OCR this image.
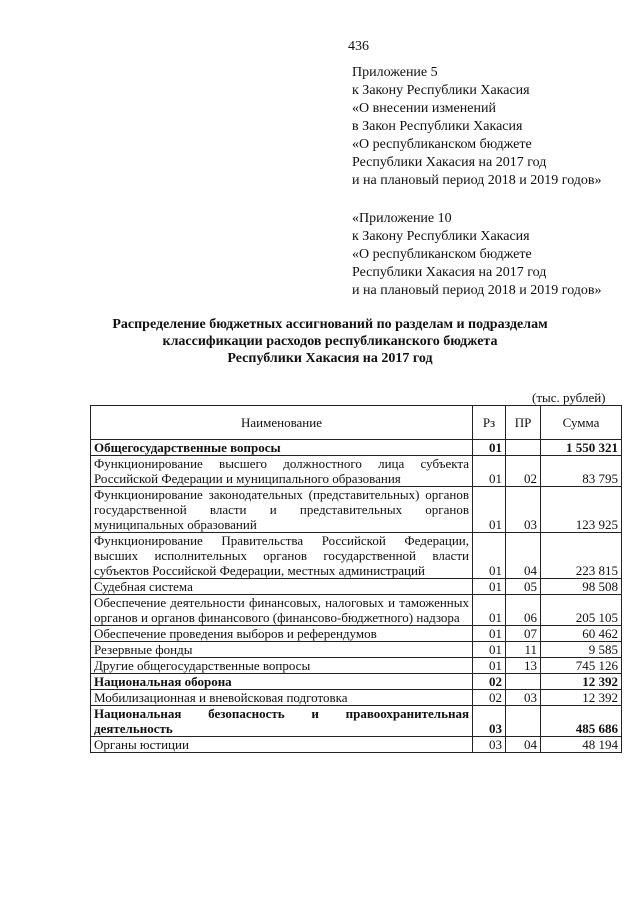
436
Приложение 5
к Закону Республики Хакасия
«О внесении изменений
в Закон Республики Хакасия
«О республиканском бюджете
Республики Хакасия на 2017 год
и на плановый период 2018 и 2019 годов»
«Приложение 10
к Закону Республики Хакасия
«О республиканском бюджете
Республики Хакасия на 2017 год
и на плановый период 2018 и 2019 годов»
Распределение бюджетных ассигнований по разделам и подразделам
классификации расходов республиканского бюджета
Республики Хакасия на 2017 год
(тыс. рублей)
Наименование	Рз	ПР	Сумма
Общегосударственные вопросы	01		1 550 321
Функционирование высшего должностного лица субъекта Российской Федерации и муниципального образования	01	02	83 795
Функционирование законодательных (представительных) органов государственной власти и представительных органов муниципальных образований	01	03	123 925
Функционирование Правительства Российской Федерации, высших исполнительных органов государственной власти субъектов Российской Федерации, местных администраций	01	04	223 815
Судебная система	01	05	98 508
Обеспечение деятельности финансовых, налоговых и таможенных органов и органов финансового (финансово-бюджетного) надзора	01	06	205 105
Обеспечение проведения выборов и референдумов	01	07	60 462
Резервные фонды	01	11	9 585
Другие общегосударственные вопросы	01	13	745 126
Национальная оборона	02		12 392
Мобилизационная и вневойсковая подготовка	02	03	12 392
Национальная безопасность и правоохранительная деятельность	03		485 686
Органы юстиции	03	04	48 194
